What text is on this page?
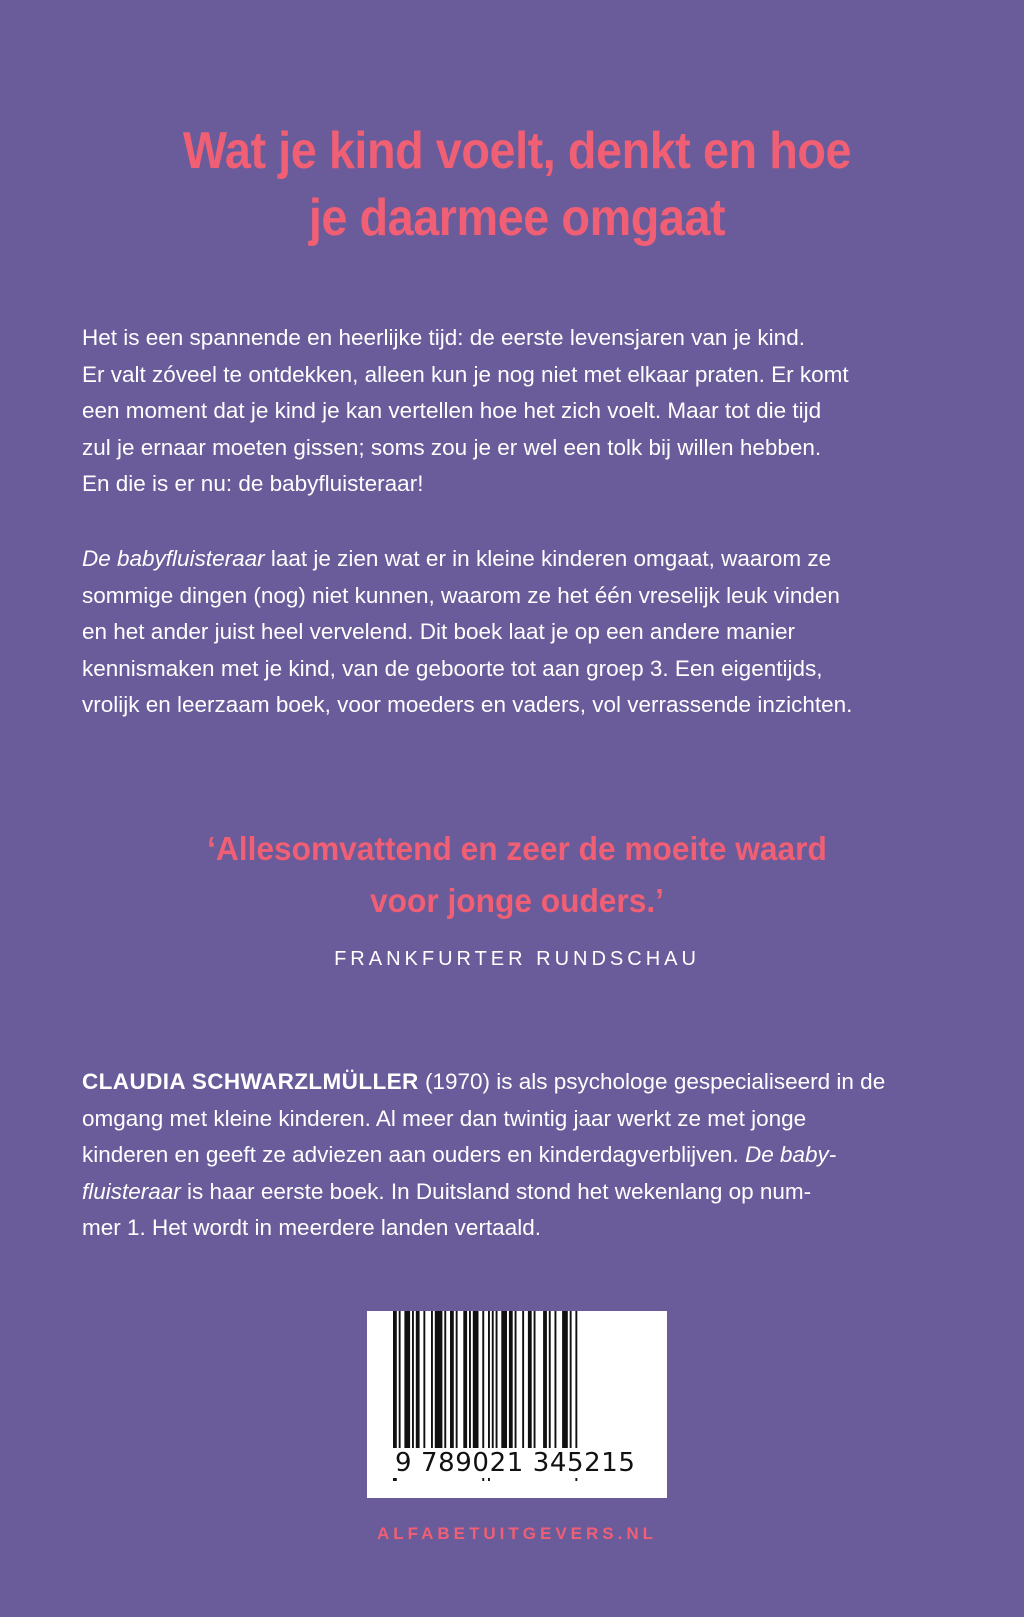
Wat je kind voelt, denkt en hoe
je daarmee omgaat
Het is een spannende en heerlijke tijd: de eerste levensjaren van je kind.
Er valt zóveel te ontdekken, alleen kun je nog niet met elkaar praten. Er komt
een moment dat je kind je kan vertellen hoe het zich voelt. Maar tot die tijd
zul je ernaar moeten gissen; soms zou je er wel een tolk bij willen hebben.
En die is er nu: de babyfluisteraar!
De babyfluisteraar laat je zien wat er in kleine kinderen omgaat, waarom ze
sommige dingen (nog) niet kunnen, waarom ze het één vreselijk leuk vinden
en het ander juist heel vervelend. Dit boek laat je op een andere manier
kennismaken met je kind, van de geboorte tot aan groep 3. Een eigentijds,
vrolijk en leerzaam boek, voor moeders en vaders, vol verrassende inzichten.
‘Allesomvattend en zeer de moeite waard
voor jonge ouders.’
FRANKFURTER RUNDSCHAU
CLAUDIA SCHWARZLMÜLLER (1970) is als psychologe gespecialiseerd in de
omgang met kleine kinderen. Al meer dan twintig jaar werkt ze met jonge
kinderen en geeft ze adviezen aan ouders en kinderdagverblijven. De baby-
fluisteraar is haar eerste boek. In Duitsland stond het wekenlang op num-
mer 1. Het wordt in meerdere landen vertaald.
9 789021 345215
ALFABETUITGEVERS.NL
